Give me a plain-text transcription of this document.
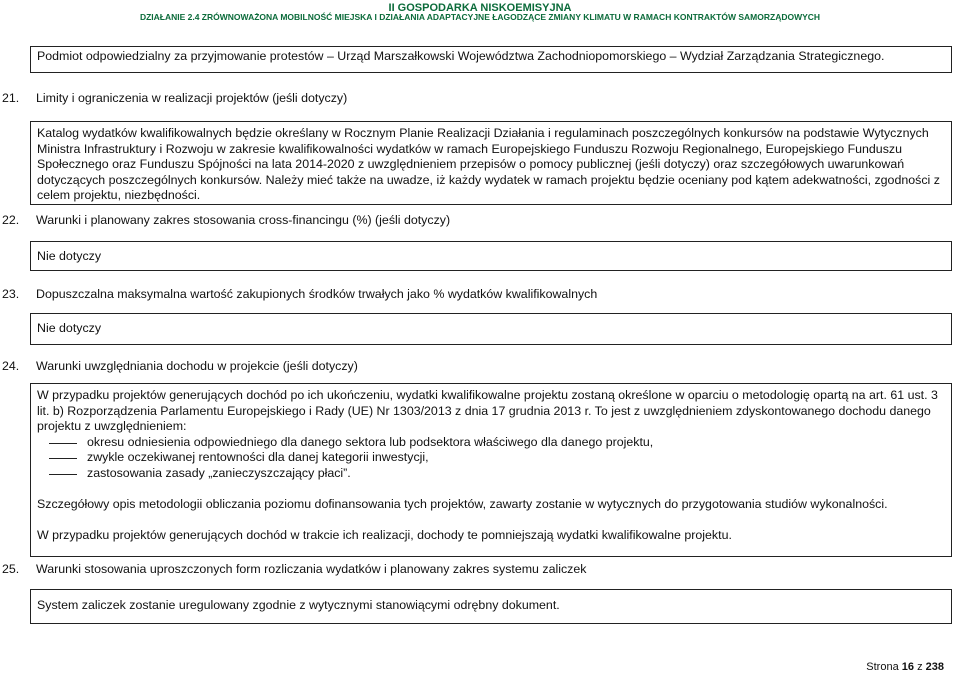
II GOSPODARKA NISKOEMISYJNA
DZIAŁANIE 2.4 ZRÓWNOWAŻONA MOBILNOŚĆ MIEJSKA I DZIAŁANIA ADAPTACYJNE ŁAGODZĄCE ZMIANY KLIMATU W RAMACH KONTRAKTÓW SAMORZĄDOWYCH
Podmiot odpowiedzialny za przyjmowanie protestów – Urząd Marszałkowski Województwa Zachodniopomorskiego – Wydział Zarządzania Strategicznego.
21. Limity i ograniczenia w realizacji projektów (jeśli dotyczy)
Katalog wydatków kwalifikowalnych będzie określany w Rocznym Planie Realizacji Działania i regulaminach poszczególnych konkursów na podstawie Wytycznych Ministra Infrastruktury i Rozwoju w zakresie kwalifikowalności wydatków w ramach Europejskiego Funduszu Rozwoju Regionalnego, Europejskiego Funduszu Społecznego oraz Funduszu Spójności na lata 2014-2020 z uwzględnieniem przepisów o pomocy publicznej (jeśli dotyczy) oraz szczegółowych uwarunkowań dotyczących poszczególnych konkursów. Należy mieć także na uwadze, iż każdy wydatek w ramach projektu będzie oceniany pod kątem adekwatności, zgodności z celem projektu, niezbędności.
22. Warunki i planowany zakres stosowania cross-financingu (%) (jeśli dotyczy)
Nie dotyczy
23. Dopuszczalna maksymalna wartość zakupionych środków trwałych jako % wydatków kwalifikowalnych
Nie dotyczy
24. Warunki uwzględniania dochodu w projekcie (jeśli dotyczy)

W przypadku projektów generujących dochód po ich ukończeniu, wydatki kwalifikowalne projektu zostaną określone w oparciu o metodologię opartą na art. 61 ust. 3 lit. b) Rozporządzenia Parlamentu Europejskiego i Rady (UE) Nr 1303/2013 z dnia 17 grudnia 2013 r. To jest z uwzględnieniem zdyskontowanego dochodu danego projektu z uwzględnieniem:

okresu odniesienia odpowiedniego dla danego sektora lub podsektora właściwego dla danego projektu,
zwykle oczekiwanej rentowności dla danej kategorii inwestycji,
zastosowania zasady „zanieczyszczający płaci”.

Szczegółowy opis metodologii obliczania poziomu dofinansowania tych projektów, zawarty zostanie w wytycznych do przygotowania studiów wykonalności.

W przypadku projektów generujących dochód w trakcie ich realizacji, dochody te pomniejszają wydatki kwalifikowalne projektu.

25. Warunki stosowania uproszczonych form rozliczania wydatków i planowany zakres systemu zaliczek
System zaliczek zostanie uregulowany zgodnie z wytycznymi stanowiącymi odrębny dokument.
Strona 16 z 238
